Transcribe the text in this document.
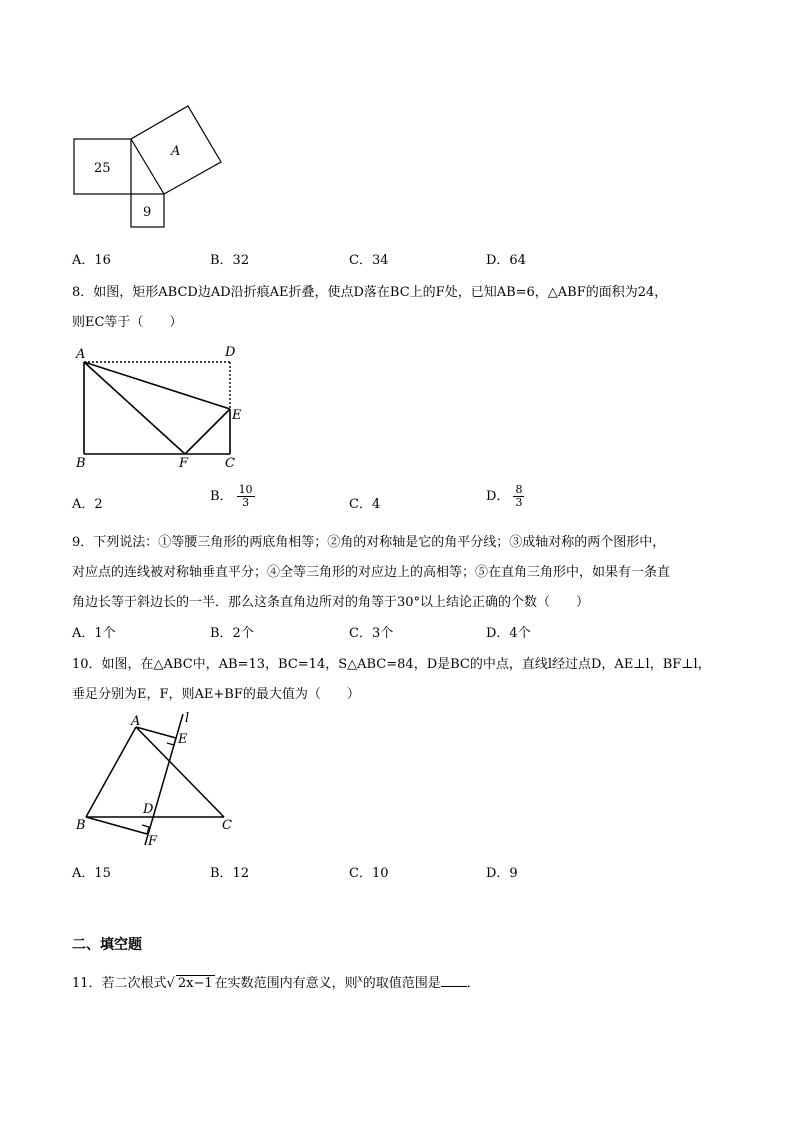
25
A
9
A．16	B．32	C．34	D．64
8．如图，矩形ABCD边AD沿折痕AE折叠，使点D落在BC上的F处，已知AB=6，△ABF的面积为24，
则EC等于（　　）
A	D
E
B	F	C
A．2
B． $\frac{10}{3}$	C．4
D． $\frac{8}{3}$
9．下列说法：①等腰三角形的两底角相等；②角的对称轴是它的角平分线；③成轴对称的两个图形中，
对应点的连线被对称轴垂直平分；④全等三角形的对应边上的高相等；⑤在直角三角形中，如果有一条直
角边长等于斜边长的一半．那么这条直角边所对的角等于30°以上结论正确的个数（　　）
A．1个	B．2个	C．3个	D．4个
10．如图，在△ABC中，AB=13，BC=14，S△ABC=84，D是BC的中点，直线l经过点D，AE⊥l，BF⊥l，
垂足分别为E，F，则AE+BF的最大值为（　　）
A	l
E
D
B	C
F
A．15	B．12	C．10	D．9
二、填空题
11．若二次根式√ 2x−1 在实数范围内有意义，则$^x$的取值范围是 ．
